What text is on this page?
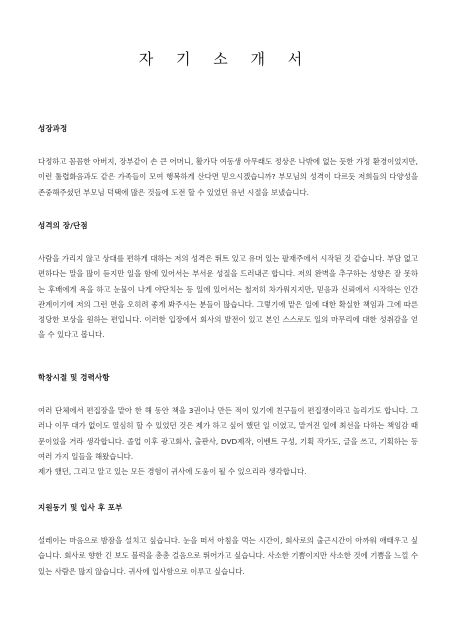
자 기 소 개 서
성장과정

다정하고 꼼꼼한 아버지, 장부같이 손 큰 어머니, 활가닥 여동생 아무래도 정상은 나밖에 없는 듯한 가정 환경이었지만, 이런 툴렵화음과도 같은 가족들이 모여 행복하게 산다면 믿으시겠습니까? 부모님의 성격이 다르듯 저희들의 다양성을 존중해주셨던 부모님 덕택에 많은 것들에 도전 할 수 있었던 유년 시절을 보냈습니다.

성격의 장/단점

사람을 가리지 않고 상대를 편하게 대하는 저의 성격은 뛰트 있고 유머 있는 팔재주에서 시작된 것 같습니다. 부담 없고 편하다는 말을 많이 듣지만 일을 함에 있어서는 부서운 성질을 드러내곤 합니다. 저의 완벽을 추구하는 성향은 잘 못하는 후배에게 욕을 하고 눈물이 나게 야단치는 등 일에 있어서는 철저히 차가워지지만, 믿음과 신뢰에서 시작하는 인간관계이기에 저의 그런 면을 오히려 좋게 봐주시는 분들이 많습니다. 그렇기에 맡은 일에 대한 확실한 책임과 그에 따른 정당한 보상을 원하는 편입니다. 이러한 입장에서 회사의 발전이 있고 본인 스스로도 일의 마무리에 대한 성취감을 얻을 수 있다고 봅니다.

학창시절 및 경력사항

여러 단체에서 편집장을 맡아 한 해 동안 책을 3권이나 만든 적이 있기에 친구들이 편집쟁이라고 놀리기도 합니다. 그러나 이무 대가 없이도 열심히 할 수 있었던 것은 제가 하고 싶어 했던 일 이였고, 맡겨진 일에 최선을 다하는 책임감 때문이었을 거라 생각합니다. 졸업 이후 광고회사, 출판사, DVD제작, 이벤트 구성, 기획 작가도, 글을 쓰고, 기획하는 등 여러 가지 일들을 해왔습니다.

제가 했던, 그리고 알고 있는 모든 경험이 귀사에 도움이 될 수 있으리라 생각합니다.

지원동기 및 입사 후 포부

설레이는 마음으로 밤잠을 설치고 싶습니다. 눈을 떠서 아침을 먹는 시간이, 회사로의 출근시간이 아까워 애태우고 싶습니다. 회사로 향한 긴 보도 블럭을 총총 걸음으로 뛰어가고 싶습니다. 사소한 기쁨이지만 사소한 것에 기쁨을 느낄 수 있는 사람은 많지 않습니다. 귀사에 입사함으로 이루고 싶습니다.
